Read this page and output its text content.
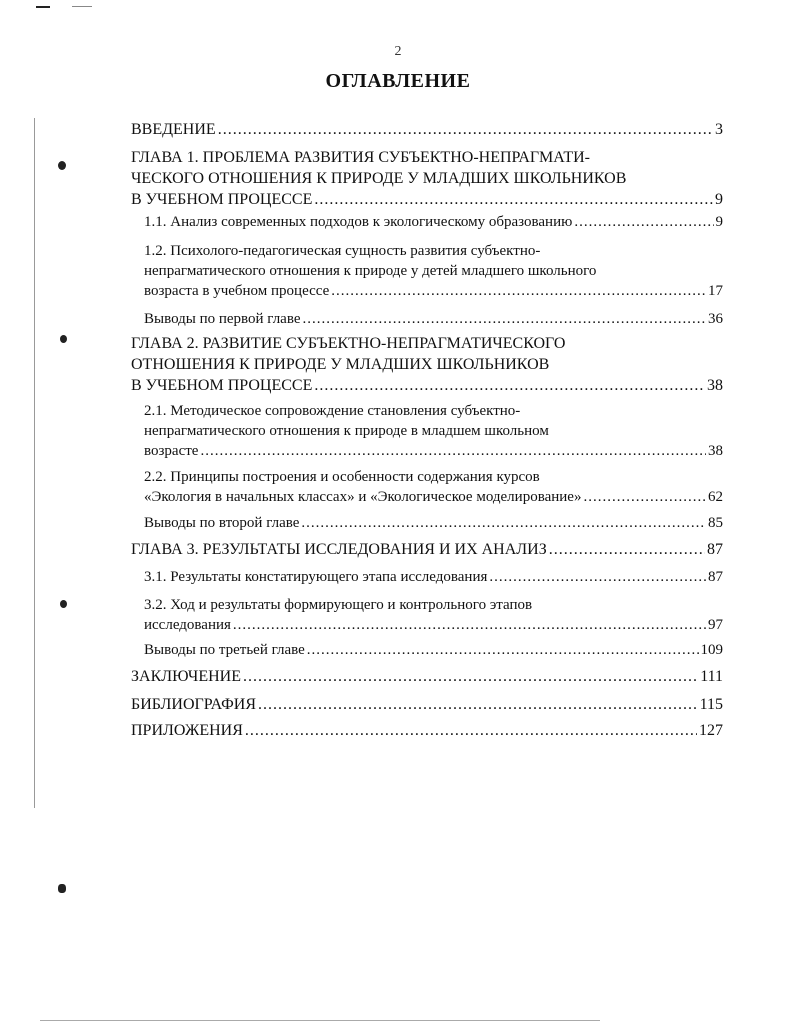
2
ОГЛАВЛЕНИЕ
ВВЕДЕНИЕ .....	3
ГЛАВА 1. ПРОБЛЕМА РАЗВИТИЯ СУБЪЕКТНО-НЕПРАГМАТИ-
ЧЕСКОГО ОТНОШЕНИЯ К ПРИРОДЕ У МЛАДШИХ ШКОЛЬНИКОВ
В УЧЕБНОМ ПРОЦЕССЕ .....	9
1.1. Анализ современных подходов к экологическому образованию .....	9
1.2. Психолого-педагогическая сущность развития субъектно-
непрагматического отношения к природе у детей младшего школьного
возраста в учебном процессе .....	17
Выводы по первой главе .....	36
ГЛАВА 2. РАЗВИТИЕ СУБЪЕКТНО-НЕПРАГМАТИЧЕСКОГО
ОТНОШЕНИЯ К ПРИРОДЕ У МЛАДШИХ ШКОЛЬНИКОВ
В УЧЕБНОМ ПРОЦЕССЕ .....	38
2.1. Методическое сопровождение становления субъектно-
непрагматического отношения к природе в младшем школьном
возрасте .....	38
2.2. Принципы построения и особенности содержания курсов
«Экология в начальных классах» и «Экологическое моделирование» .....	62
Выводы по второй главе .....	85
ГЛАВА 3. РЕЗУЛЬТАТЫ ИССЛЕДОВАНИЯ И ИХ АНАЛИЗ .....	87
3.1. Результаты констатирующего этапа исследования .....	87
3.2. Ход и результаты формирующего и контрольного этапов
исследования .....	97
Выводы по третьей главе .....	109
ЗАКЛЮЧЕНИЕ .....	111
БИБЛИОГРАФИЯ .....	115
ПРИЛОЖЕНИЯ .....	127
